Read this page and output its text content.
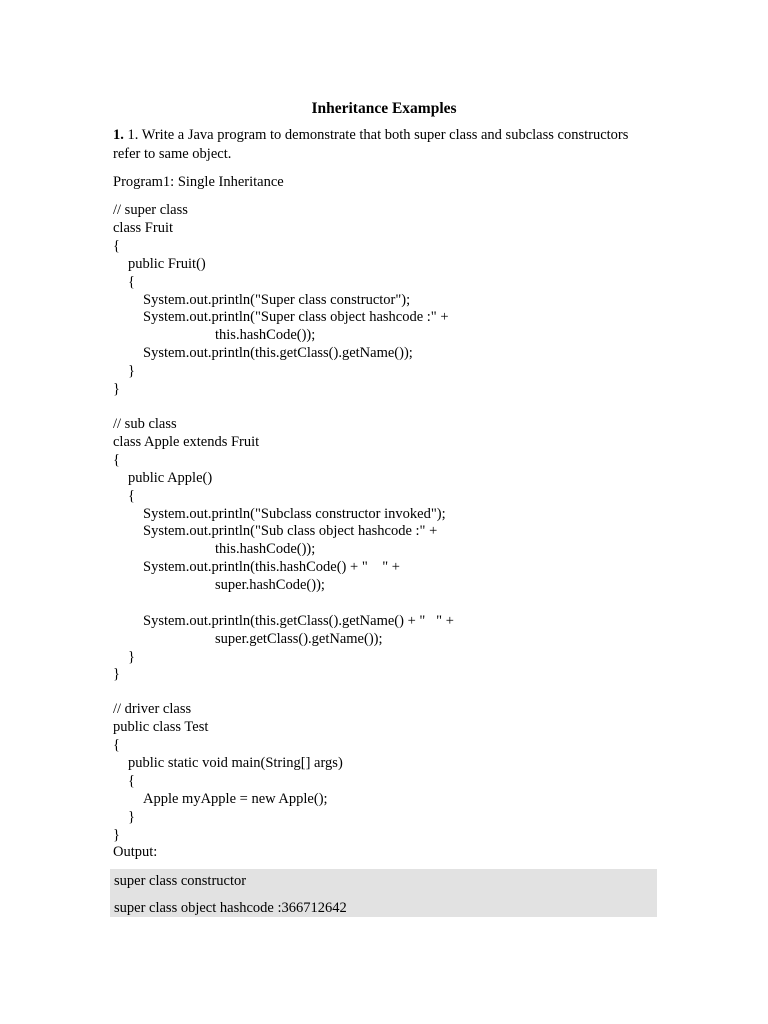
Inheritance Examples
1. 1. Write a Java program to demonstrate that both super class and subclass constructors
refer to same object.
Program1: Single Inheritance
// super class
class Fruit
{
public Fruit()
{
System.out.println("Super class constructor");
System.out.println("Super class object hashcode :" +
this.hashCode());
System.out.println(this.getClass().getName());
}
}
// sub class
class Apple extends Fruit
{
public Apple()
{
System.out.println("Subclass constructor invoked");
System.out.println("Sub class object hashcode :" +
this.hashCode());
System.out.println(this.hashCode() + "    " +
super.hashCode());
System.out.println(this.getClass().getName() + "   " +
super.getClass().getName());
}
}
// driver class
public class Test
{
public static void main(String[] args)
{
Apple myApple = new Apple();
}
}
Output:
super class constructor
super class object hashcode :366712642
